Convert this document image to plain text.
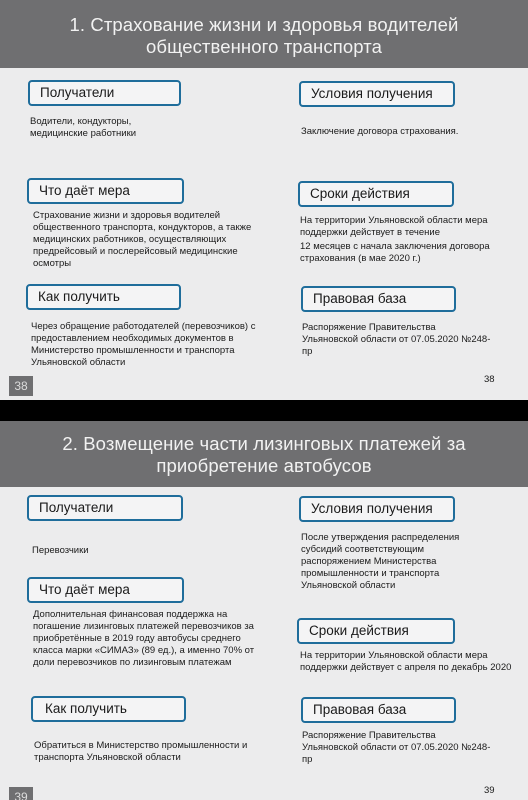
1. Страхование жизни и здоровья водителей
общественного транспорта
Получатели
Водители, кондукторы,
медицинские работники
Условия получения
Заключение договора страхования.
Что даёт мера
Страхование жизни и здоровья водителей
общественного транспорта, кондукторов, а также
медицинских работников, осуществляющих
предрейсовый и послерейсовый медицинские
осмотры
Сроки действия
На территории Ульяновской области мера
поддержки действует в течение
12 месяцев с начала заключения договора
страхования (в мае 2020 г.)
Как получить
Через обращение работодателей (перевозчиков) с
предоставлением необходимых документов в
Министерство промышленности и транспорта
Ульяновской области
Правовая база
Распоряжение Правительства
Ульяновской области от 07.05.2020 №248-
пр
38	38
2. Возмещение части лизинговых платежей за
приобретение автобусов
Получатели
Перевозчики
Условия получения
После утверждения распределения
субсидий соответствующим
распоряжением Министерства
промышленности и транспорта
Ульяновской области
Что даёт мера
Дополнительная финансовая поддержка на
погашение лизинговых платежей перевозчиков за
приобретённые в 2019 году автобусы среднего
класса марки «СИМАЗ» (89 ед.), а именно 70% от
доли перевозчиков по лизинговым платежам
Сроки действия
На территории Ульяновской области мера
поддержки действует с апреля по декабрь 2020
Как получить
Обратиться в Министерство промышленности и
транспорта Ульяновской области
Правовая база
Распоряжение Правительства
Ульяновской области от 07.05.2020 №248-
пр
39	39
